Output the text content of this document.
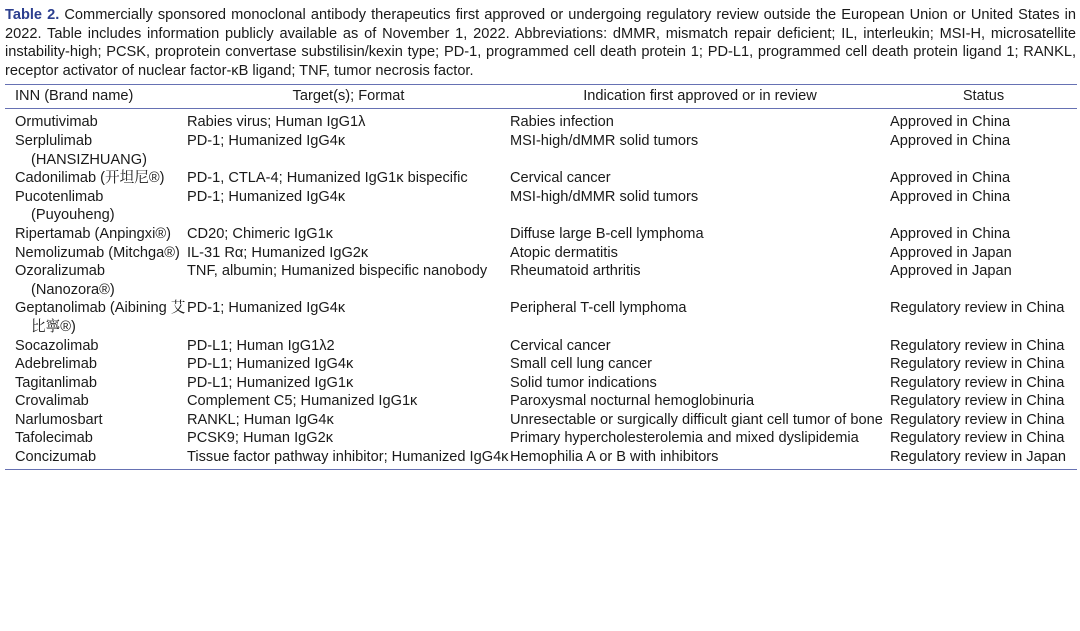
Table 2. Commercially sponsored monoclonal antibody therapeutics first approved or undergoing regulatory review outside the European Union or United States in 2022. Table includes information publicly available as of November 1, 2022. Abbreviations: dMMR, mismatch repair deficient; IL, interleukin; MSI-H, microsatellite instability-high; PCSK, proprotein convertase substilisin/kexin type; PD-1, programmed cell death protein 1; PD-L1, programmed cell death protein ligand 1; RANKL, receptor activator of nuclear factor-κB ligand; TNF, tumor necrosis factor.

INN (Brand name)	Target(s); Format	Indication first approved or in review	Status

Ormutivimab	Rabies virus; Human IgG1λ	Rabies infection	Approved in China

Serplulimab (HANSIZHUANG)	PD-1; Humanized IgG4κ	MSI-high/dMMR solid tumors	Approved in China

Cadonilimab (开坦尼®)	PD-1, CTLA-4; Humanized IgG1κ bispecific	Cervical cancer	Approved in China

Pucotenlimab (Puyouheng)	PD-1; Humanized IgG4κ	MSI-high/dMMR solid tumors	Approved in China

Ripertamab (Anpingxi®)	CD20; Chimeric IgG1κ	Diffuse large B-cell lymphoma	Approved in China

Nemolizumab (Mitchga®)	IL-31 Rα; Humanized IgG2κ	Atopic dermatitis	Approved in Japan

Ozoralizumab (Nanozora®)	TNF, albumin; Humanized bispecific nanobody	Rheumatoid arthritis	Approved in Japan

Geptanolimab (Aibining 艾比寧®)	PD-1; Humanized IgG4κ	Peripheral T-cell lymphoma	Regulatory review in China

Socazolimab	PD-L1; Human IgG1λ2	Cervical cancer	Regulatory review in China

Adebrelimab	PD-L1; Humanized IgG4κ	Small cell lung cancer	Regulatory review in China

Tagitanlimab	PD-L1; Humanized IgG1κ	Solid tumor indications	Regulatory review in China

Crovalimab	Complement C5; Humanized IgG1κ	Paroxysmal nocturnal hemoglobinuria	Regulatory review in China

Narlumosbart	RANKL; Human IgG4κ	Unresectable or surgically difficult giant cell tumor of bone	Regulatory review in China

Tafolecimab	PCSK9; Human IgG2κ	Primary hypercholesterolemia and mixed dyslipidemia	Regulatory review in China

Concizumab	Tissue factor pathway inhibitor; Humanized IgG4κ	Hemophilia A or B with inhibitors	Regulatory review in Japan
